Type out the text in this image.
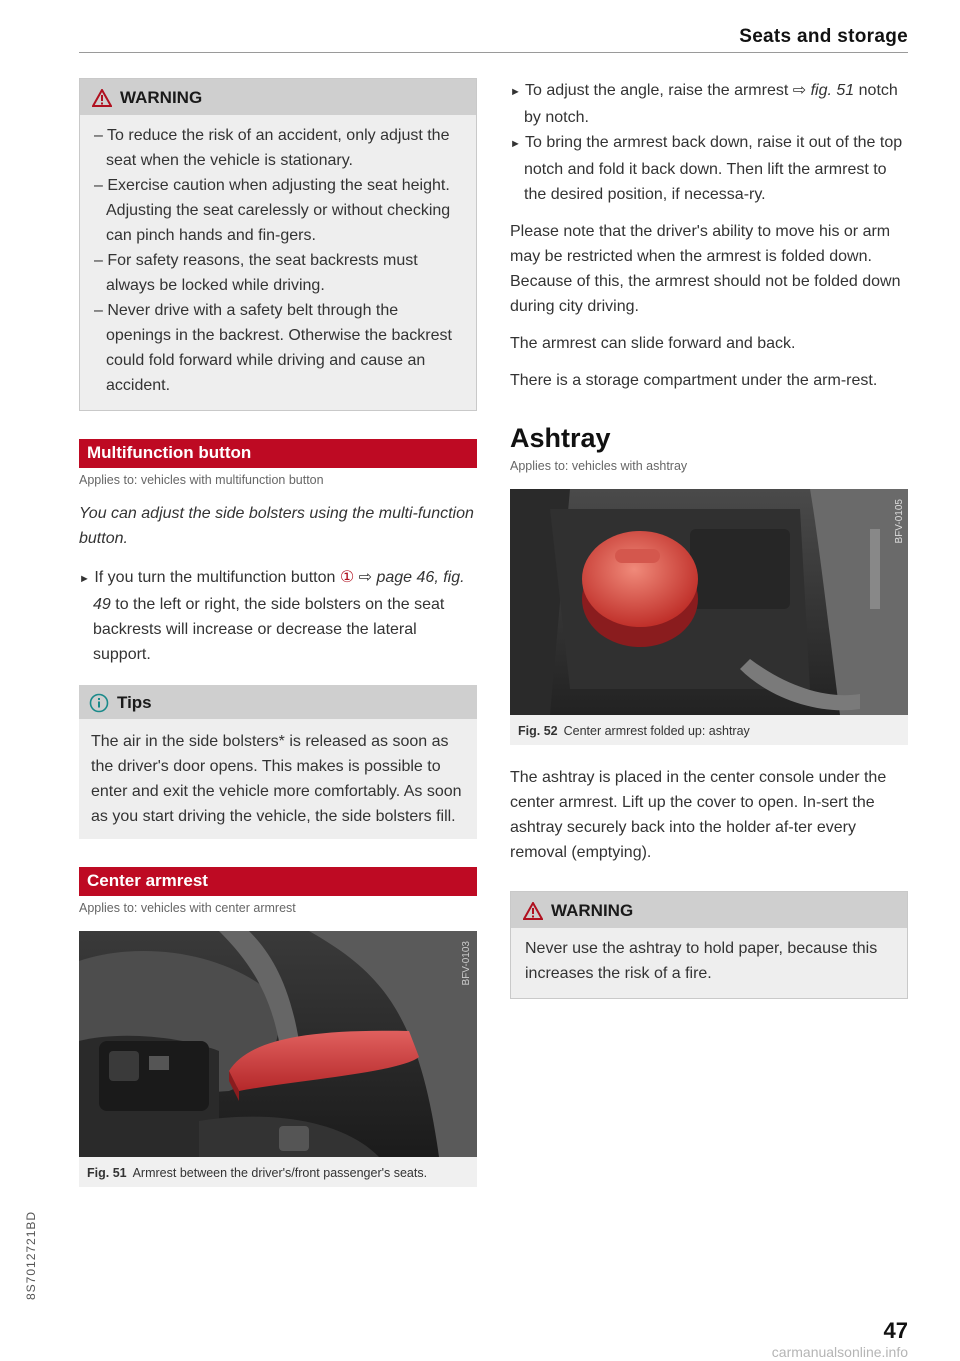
Seats and storage
WARNING

– To reduce the risk of an accident, only adjust the seat when the vehicle is stationary.

– Exercise caution when adjusting the seat height. Adjusting the seat carelessly or without checking can pinch hands and fin-gers.

– For safety reasons, the seat backrests must always be locked while driving.

– Never drive with a safety belt through the openings in the backrest. Otherwise the backrest could fold forward while driving and cause an accident.

Multifunction button
Applies to: vehicles with multifunction button

You can adjust the side bolsters using the multi-function button.

► If you turn the multifunction button ① ⇨ page 46, fig. 49 to the left or right, the side bolsters on the seat backrests will increase or decrease the lateral support.

Tips
The air in the side bolsters* is released as soon as the driver's door opens. This makes is possible to enter and exit the vehicle more comfortably. As soon as you start driving the vehicle, the side bolsters fill.
Center armrest
Applies to: vehicles with center armrest
BFV-0103
Fig. 51 Armrest between the driver's/front passenger's seats.

► To adjust the angle, raise the armrest ⇨ fig. 51 notch by notch.

► To bring the armrest back down, raise it out of the top notch and fold it back down. Then lift the armrest to the desired position, if necessa-ry.

Please note that the driver's ability to move his or arm may be restricted when the armrest is folded down. Because of this, the armrest should not be folded down during city driving.

The armrest can slide forward and back.

There is a storage compartment under the arm-rest.

Ashtray
Applies to: vehicles with ashtray
BFV-0105
Fig. 52 Center armrest folded up: ashtray

The ashtray is placed in the center console under the center armrest. Lift up the cover to open. In-sert the ashtray securely back into the holder af-ter every removal (emptying).

WARNING
Never use the ashtray to hold paper, because this increases the risk of a fire.
8S7012721BD
47
carmanualsonline.info
